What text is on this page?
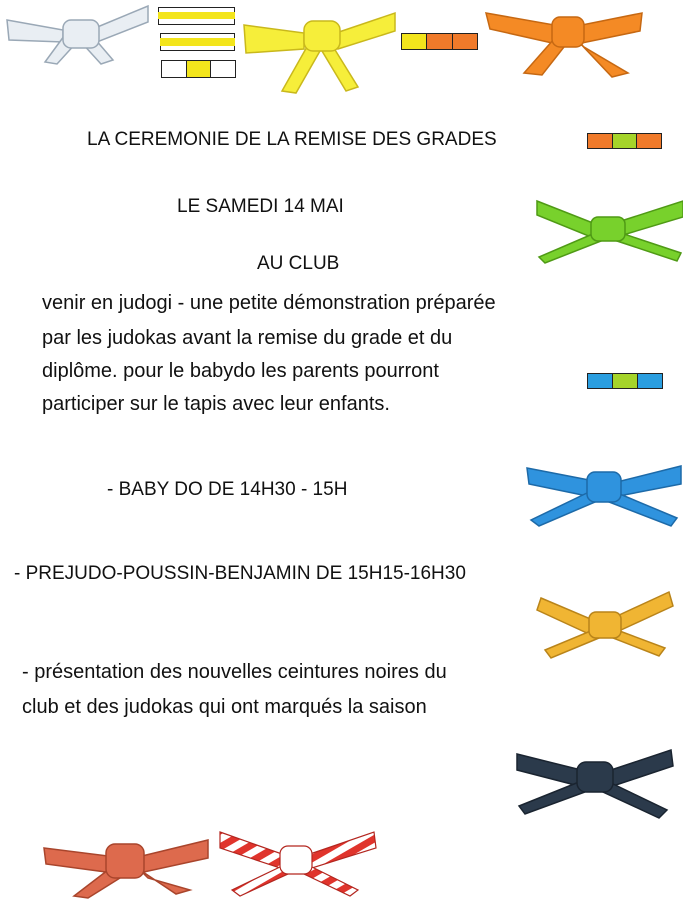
LA CEREMONIE DE LA REMISE DES GRADES
LE SAMEDI 14 MAI
AU CLUB
venir en judogi - une petite démonstration préparée
par les judokas avant la remise du grade et du
diplôme. pour le babydo les parents pourront
participer sur le tapis avec leur enfants.
- BABY DO DE 14H30 - 15H
- PREJUDO-POUSSIN-BENJAMIN DE 15H15-16H30
- présentation des nouvelles ceintures noires du
club et des judokas qui ont marqués la saison
